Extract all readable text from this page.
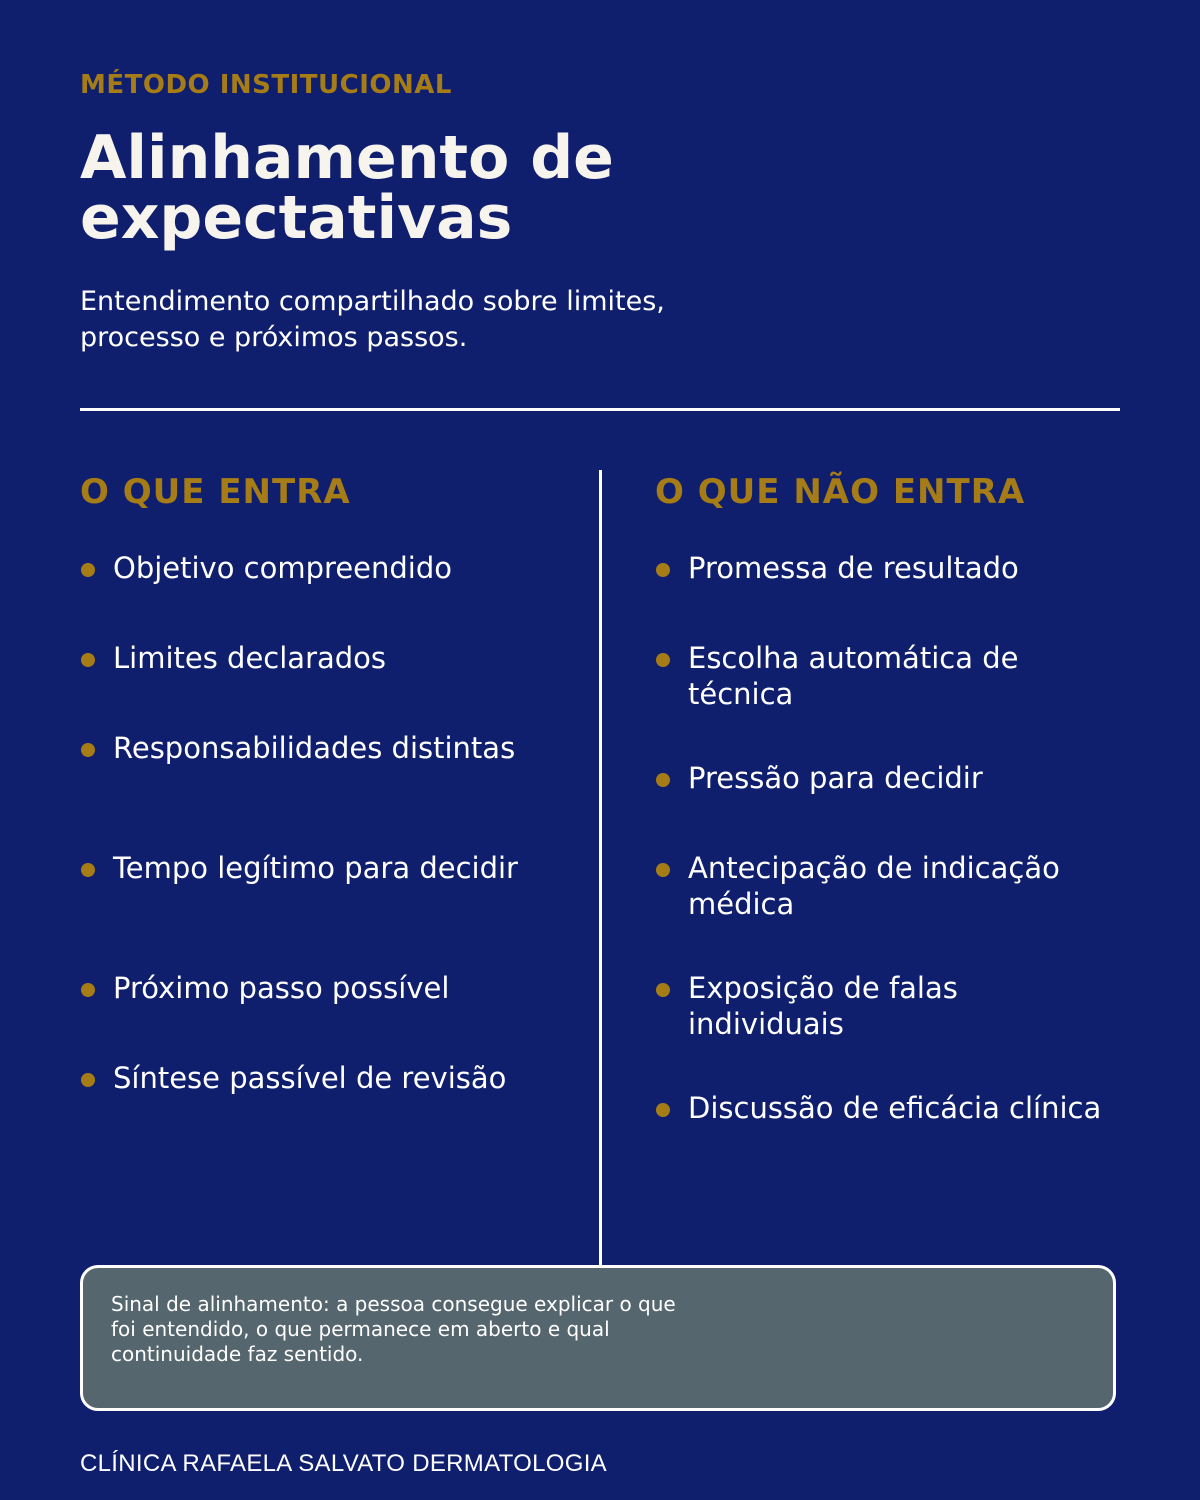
MÉTODO INSTITUCIONAL
Alinhamento de expectativas
Entendimento compartilhado sobre limites, processo e próximos passos.
O QUE ENTRA
Objetivo compreendido
Limites declarados
Responsabilidades distintas
Tempo legítimo para decidir
Próximo passo possível
Síntese passível de revisão
O QUE NÃO ENTRA
Promessa de resultado
Escolha automática de técnica
Pressão para decidir
Antecipação de indicação médica
Exposição de falas individuais
Discussão de eficácia clínica
Sinal de alinhamento: a pessoa consegue explicar o que foi entendido, o que permanece em aberto e qual continuidade faz sentido.
CLÍNICA RAFAELA SALVATO DERMATOLOGIA
